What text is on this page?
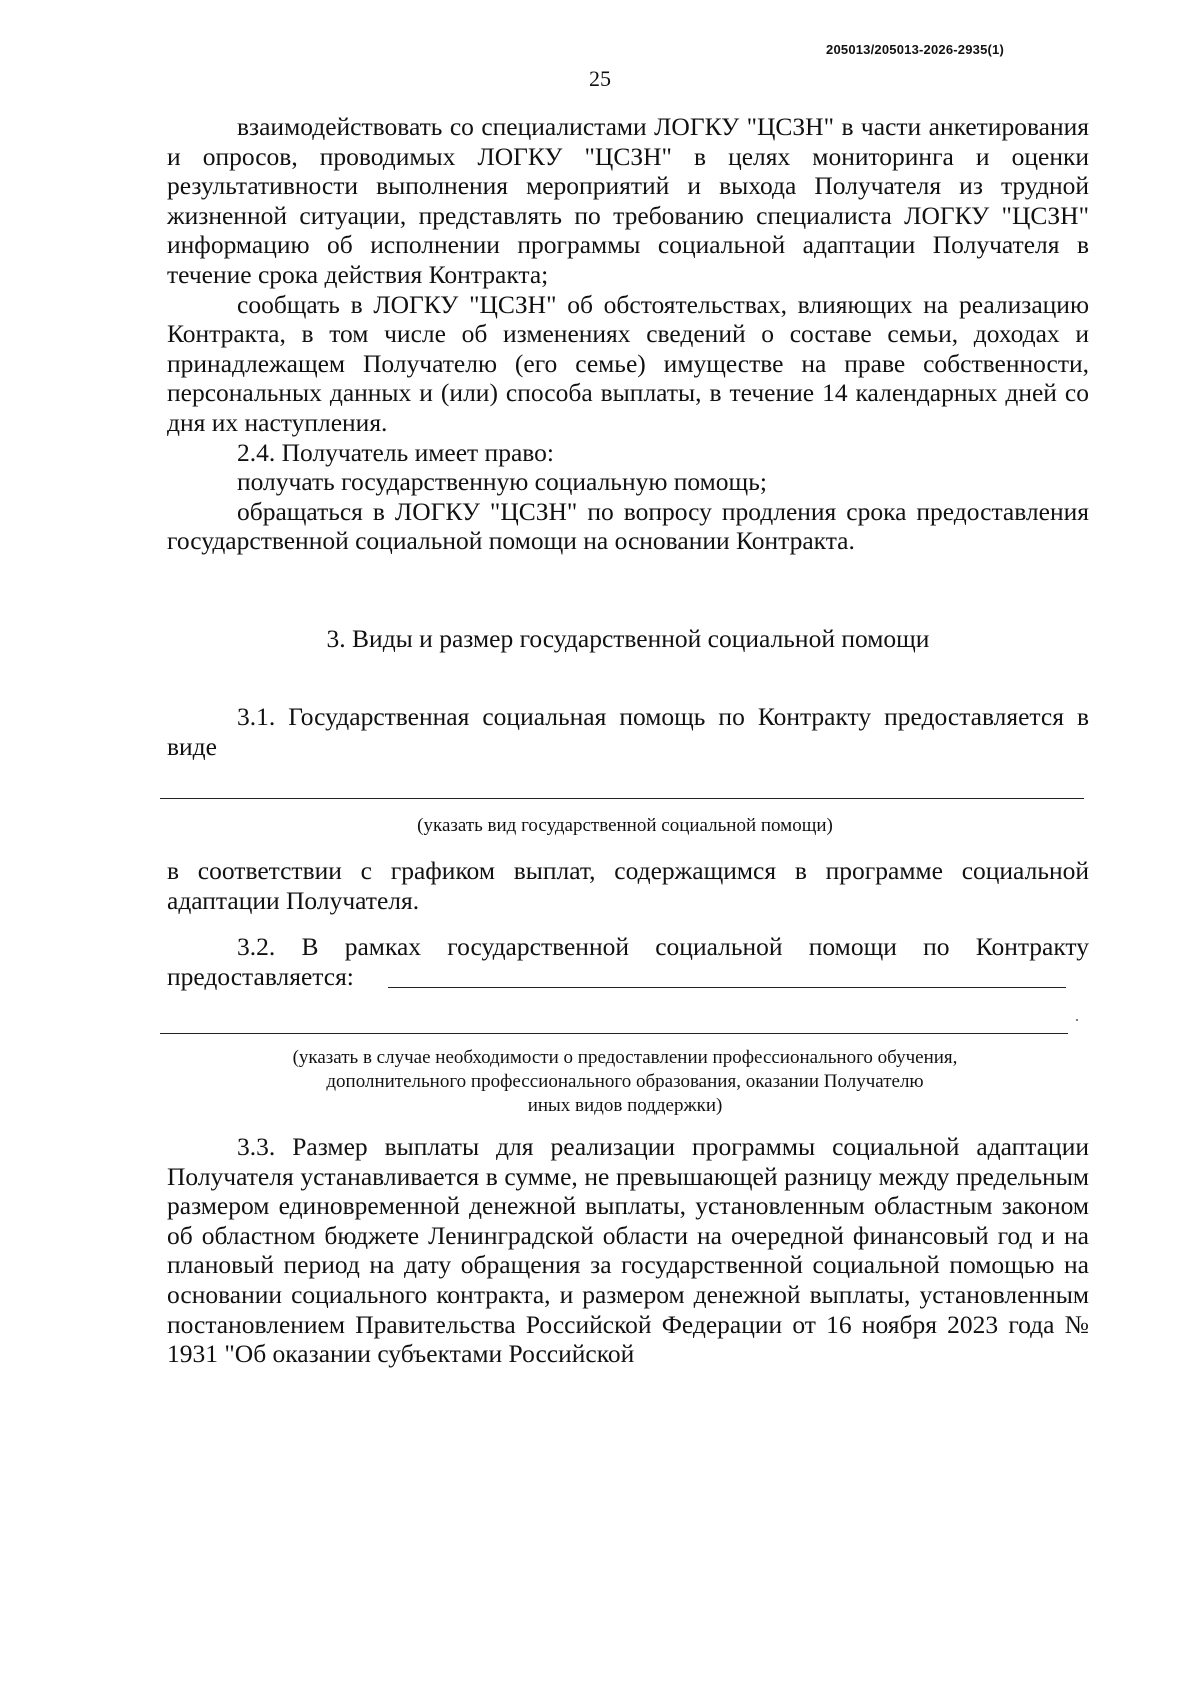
205013/205013-2026-2935(1)
25

взаимодействовать со специалистами ЛОГКУ "ЦСЗН" в части анкетирования и опросов, проводимых ЛОГКУ "ЦСЗН" в целях мониторинга и оценки результативности выполнения мероприятий и выхода Получателя из трудной жизненной ситуации, представлять по требованию специалиста ЛОГКУ "ЦСЗН" информацию об исполнении программы социальной адаптации Получателя в течение срока действия Контракта;

сообщать в ЛОГКУ "ЦСЗН" об обстоятельствах, влияющих на реализацию Контракта, в том числе об изменениях сведений о составе семьи, доходах и принадлежащем Получателю (его семье) имуществе на праве собственности, персональных данных и (или) способа выплаты, в течение 14 календарных дней со дня их наступления.

2.4. Получатель имеет право:

получать государственную социальную помощь;

обращаться в ЛОГКУ "ЦСЗН" по вопросу продления срока предоставления государственной социальной помощи на основании Контракта.

3. Виды и размер государственной социальной помощи

3.1. Государственная социальная помощь по Контракту предоставляется в виде

(указать вид государственной социальной помощи)

в соответствии с графиком выплат, содержащимся в программе социальной адаптации Получателя.

3.2. В рамках государственной социальной помощи по Контракту предоставляется:

(указать в случае необходимости о предоставлении профессионального обучения,
дополнительного профессионального образования, оказании Получателю
иных видов поддержки)

3.3. Размер выплаты для реализации программы социальной адаптации Получателя устанавливается в сумме, не превышающей разницу между предельным размером единовременной денежной выплаты, установленным областным законом об областном бюджете Ленинградской области на очередной финансовый год и на плановый период на дату обращения за государственной социальной помощью на основании социального контракта, и размером денежной выплаты, установленным постановлением Правительства Российской Федерации от 16 ноября 2023 года № 1931 "Об оказании субъектами Российской
